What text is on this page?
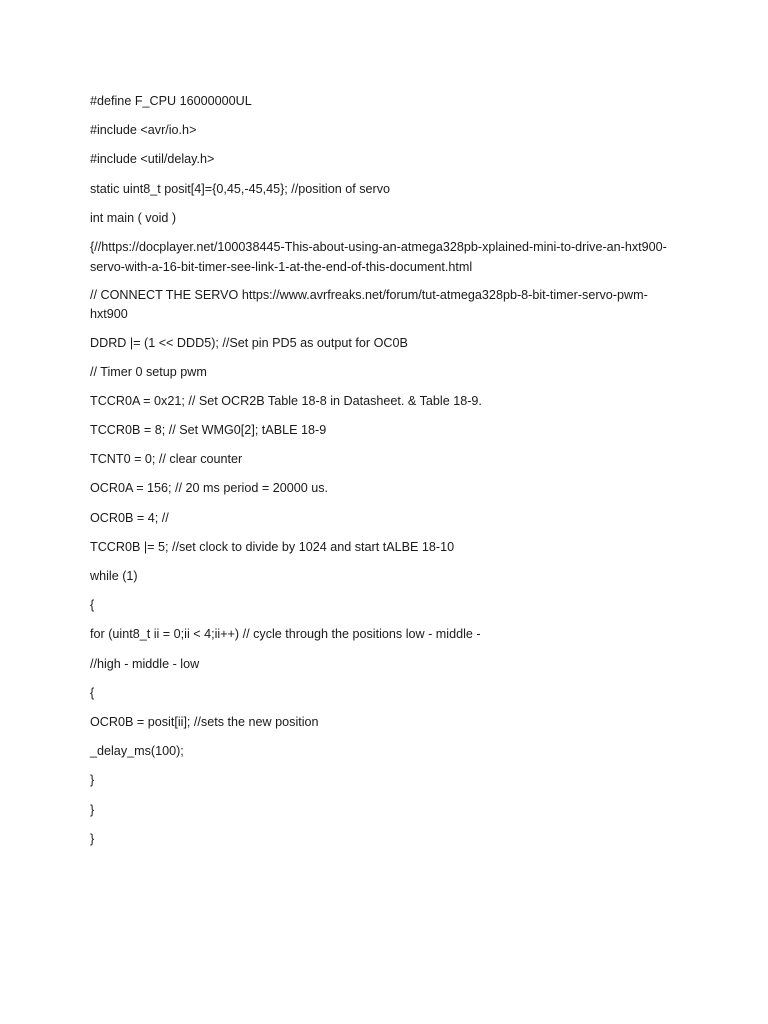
#define F_CPU 16000000UL
#include <avr/io.h>
#include <util/delay.h>
static uint8_t posit[4]={0,45,-45,45}; //position of servo
int main ( void )
{//https://docplayer.net/100038445-This-about-using-an-atmega328pb-xplained-mini-to-drive-an-hxt900-servo-with-a-16-bit-timer-see-link-1-at-the-end-of-this-document.html
// CONNECT THE SERVO https://www.avrfreaks.net/forum/tut-atmega328pb-8-bit-timer-servo-pwm-hxt900
DDRD |= (1 << DDD5); //Set pin PD5 as output for OC0B
// Timer 0 setup pwm
TCCR0A = 0x21; // Set OCR2B Table 18-8 in Datasheet. & Table 18-9.
TCCR0B = 8; // Set WMG0[2]; tABLE 18-9
TCNT0 = 0; // clear counter
OCR0A = 156; // 20 ms period = 20000 us.
OCR0B = 4; //
TCCR0B |= 5; //set clock to divide by 1024 and start tALBE 18-10
while (1)
{
for (uint8_t ii = 0;ii < 4;ii++) // cycle through the positions low - middle -
//high - middle - low
{
OCR0B = posit[ii]; //sets the new position
_delay_ms(100);
}
}
}
